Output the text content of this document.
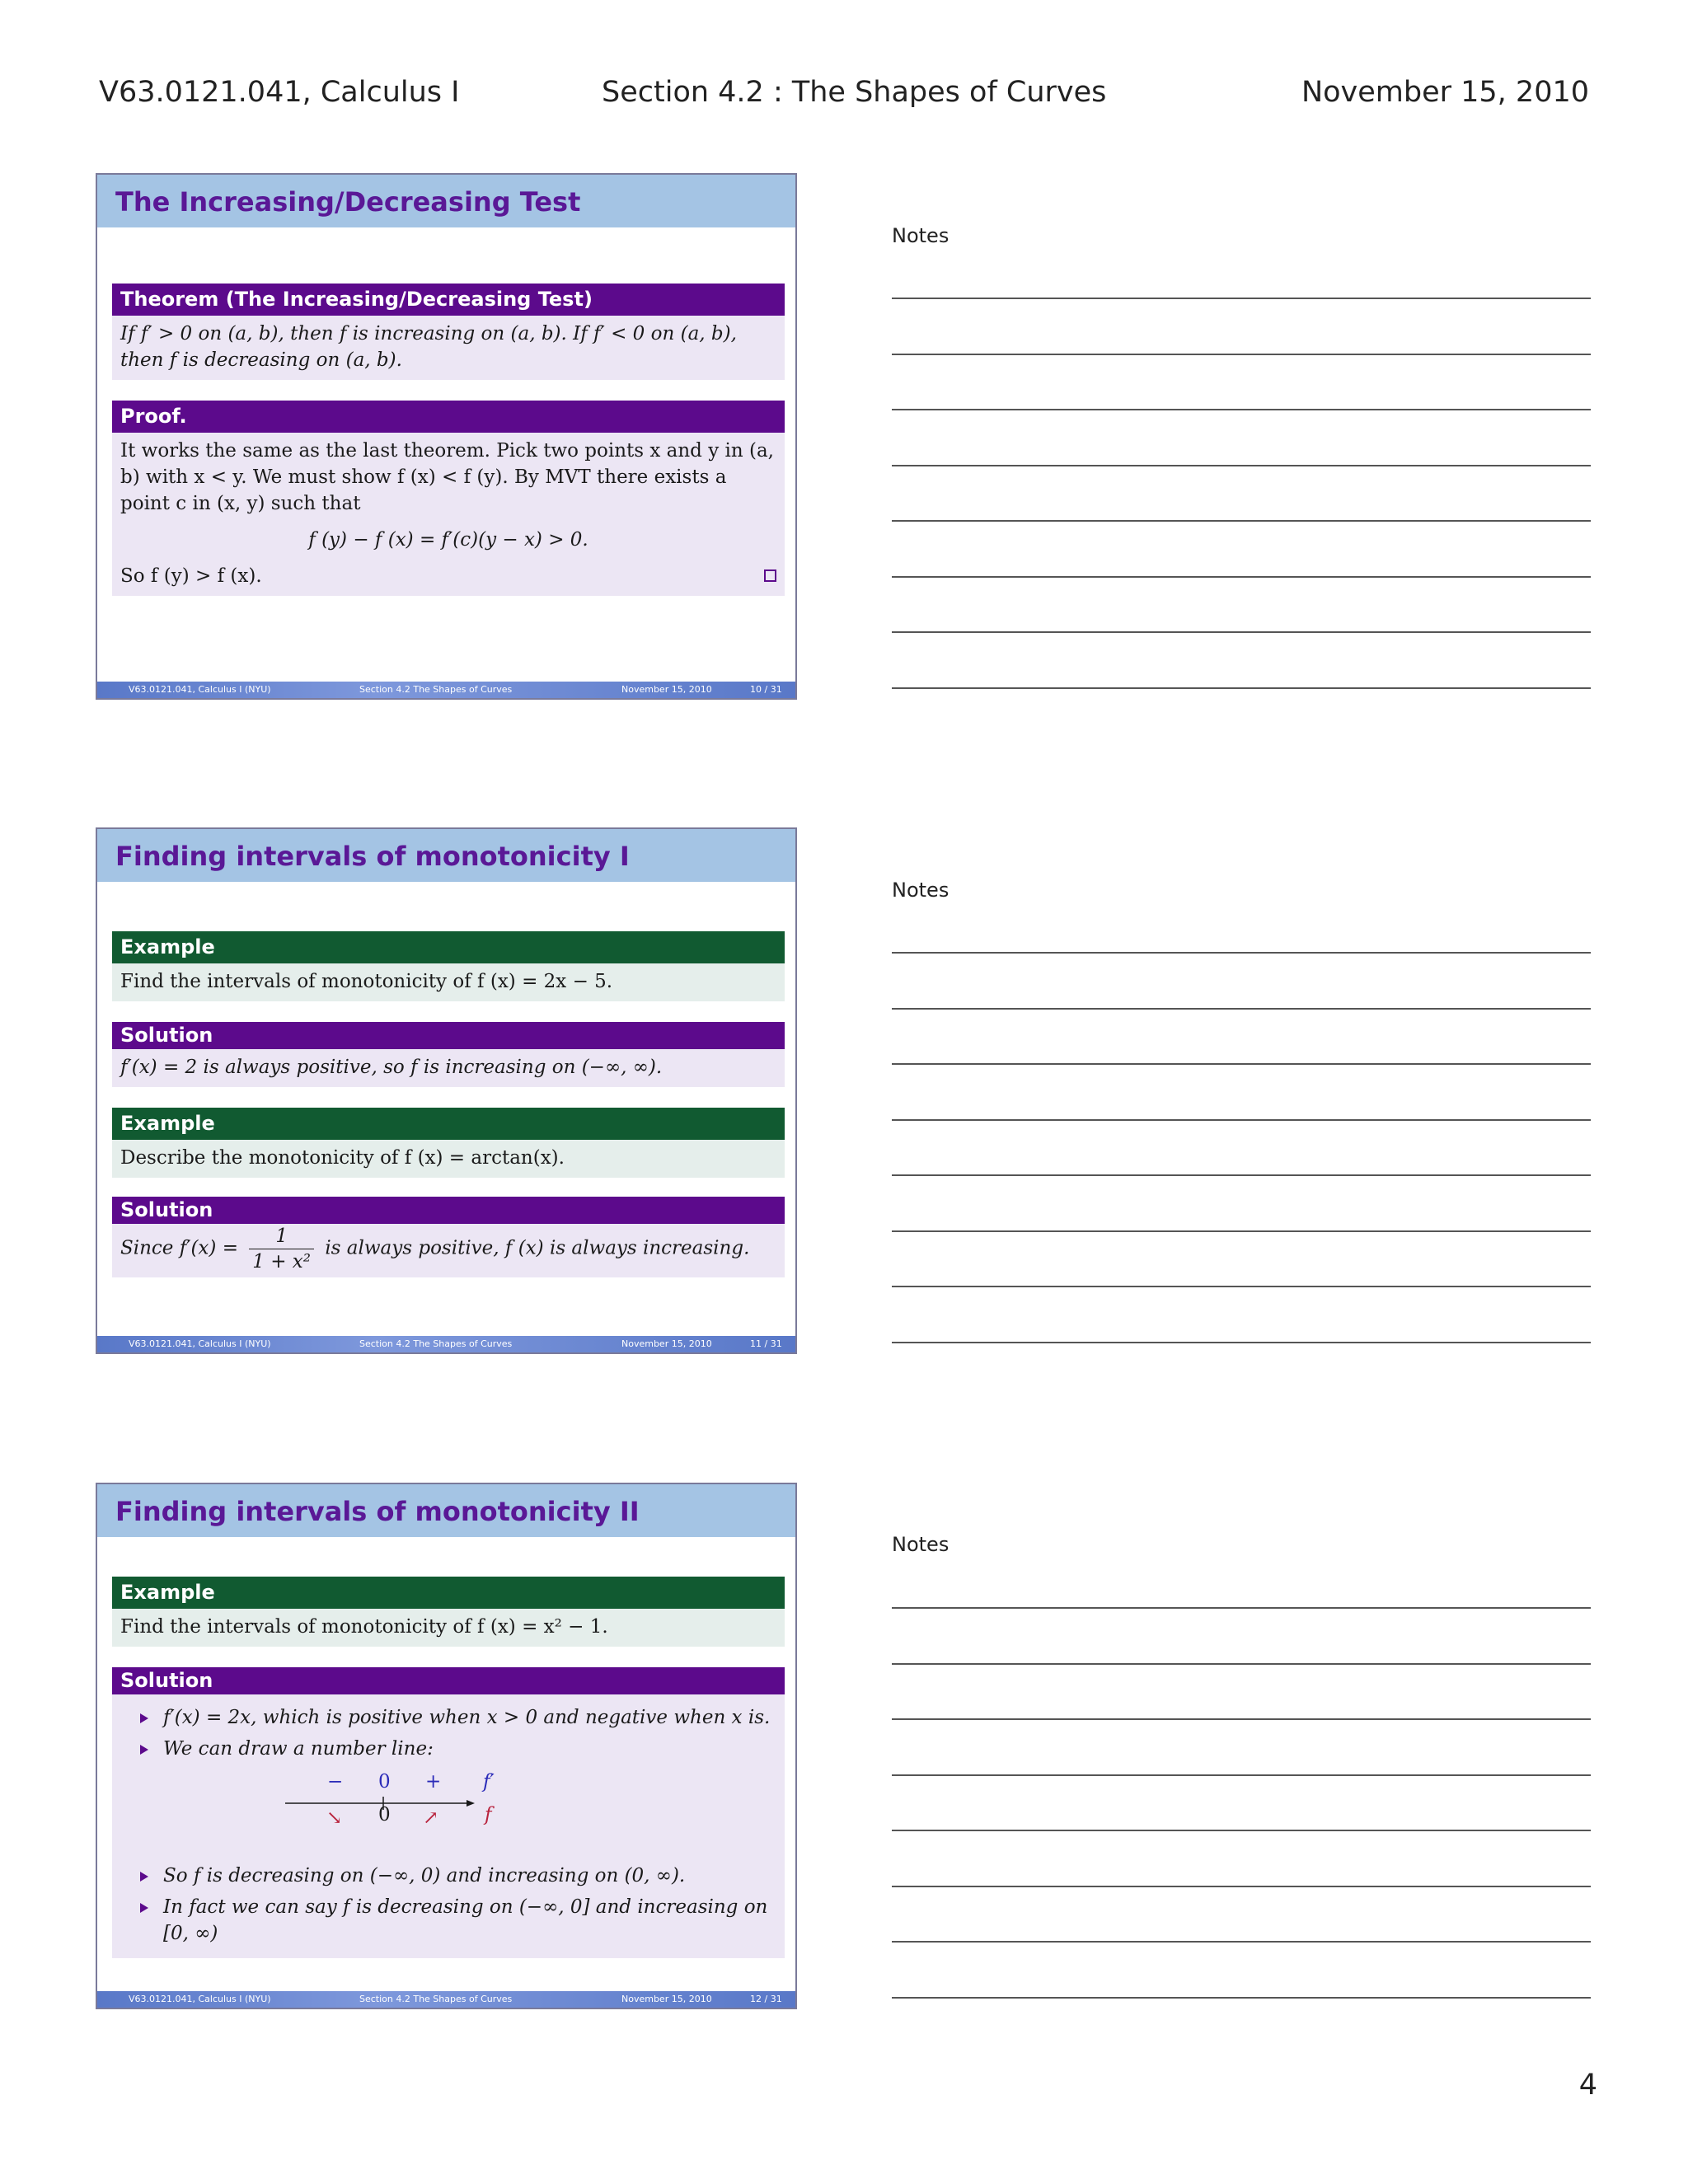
V63.0121.041, Calculus I	Section 4.2 : The Shapes of Curves	November 15, 2010
The Increasing/Decreasing Test
Theorem (The Increasing/Decreasing Test)
If f′ > 0 on (a, b), then f is increasing on (a, b). If f′ < 0 on (a, b), then f is decreasing on (a, b).
Proof.
It works the same as the last theorem. Pick two points x and y in (a, b) with x < y. We must show f (x) < f (y). By MVT there exists a point c in (x, y) such that
f (y) − f (x) = f′(c)(y − x) > 0.
So f (y) > f (x).
V63.0121.041, Calculus I (NYU)	Section 4.2 The Shapes of Curves	November 15, 2010	10 / 31
Finding intervals of monotonicity I
Example
Find the intervals of monotonicity of f (x) = 2x − 5.
Solution
f′(x) = 2 is always positive, so f is increasing on (−∞, ∞).
Example
Describe the monotonicity of f (x) = arctan(x).
Solution
Since $f'(x) = \frac{1}{\text{1 + x²}}$ is always positive, f (x) is always increasing.
V63.0121.041, Calculus I (NYU)	Section 4.2 The Shapes of Curves	November 15, 2010	11 / 31
Finding intervals of monotonicity II
Example
Find the intervals of monotonicity of f (x) = x² − 1.
Solution
f′(x) = 2x, which is positive when x > 0 and negative when x is.
We can draw a number line:
− 0 + f′
↘ 0 ↗ f
So f is decreasing on (−∞, 0) and increasing on (0, ∞).
In fact we can say f is decreasing on (−∞, 0] and increasing on [0, ∞)
V63.0121.041, Calculus I (NYU)	Section 4.2 The Shapes of Curves	November 15, 2010	12 / 31
Notes
Notes
Notes
4
